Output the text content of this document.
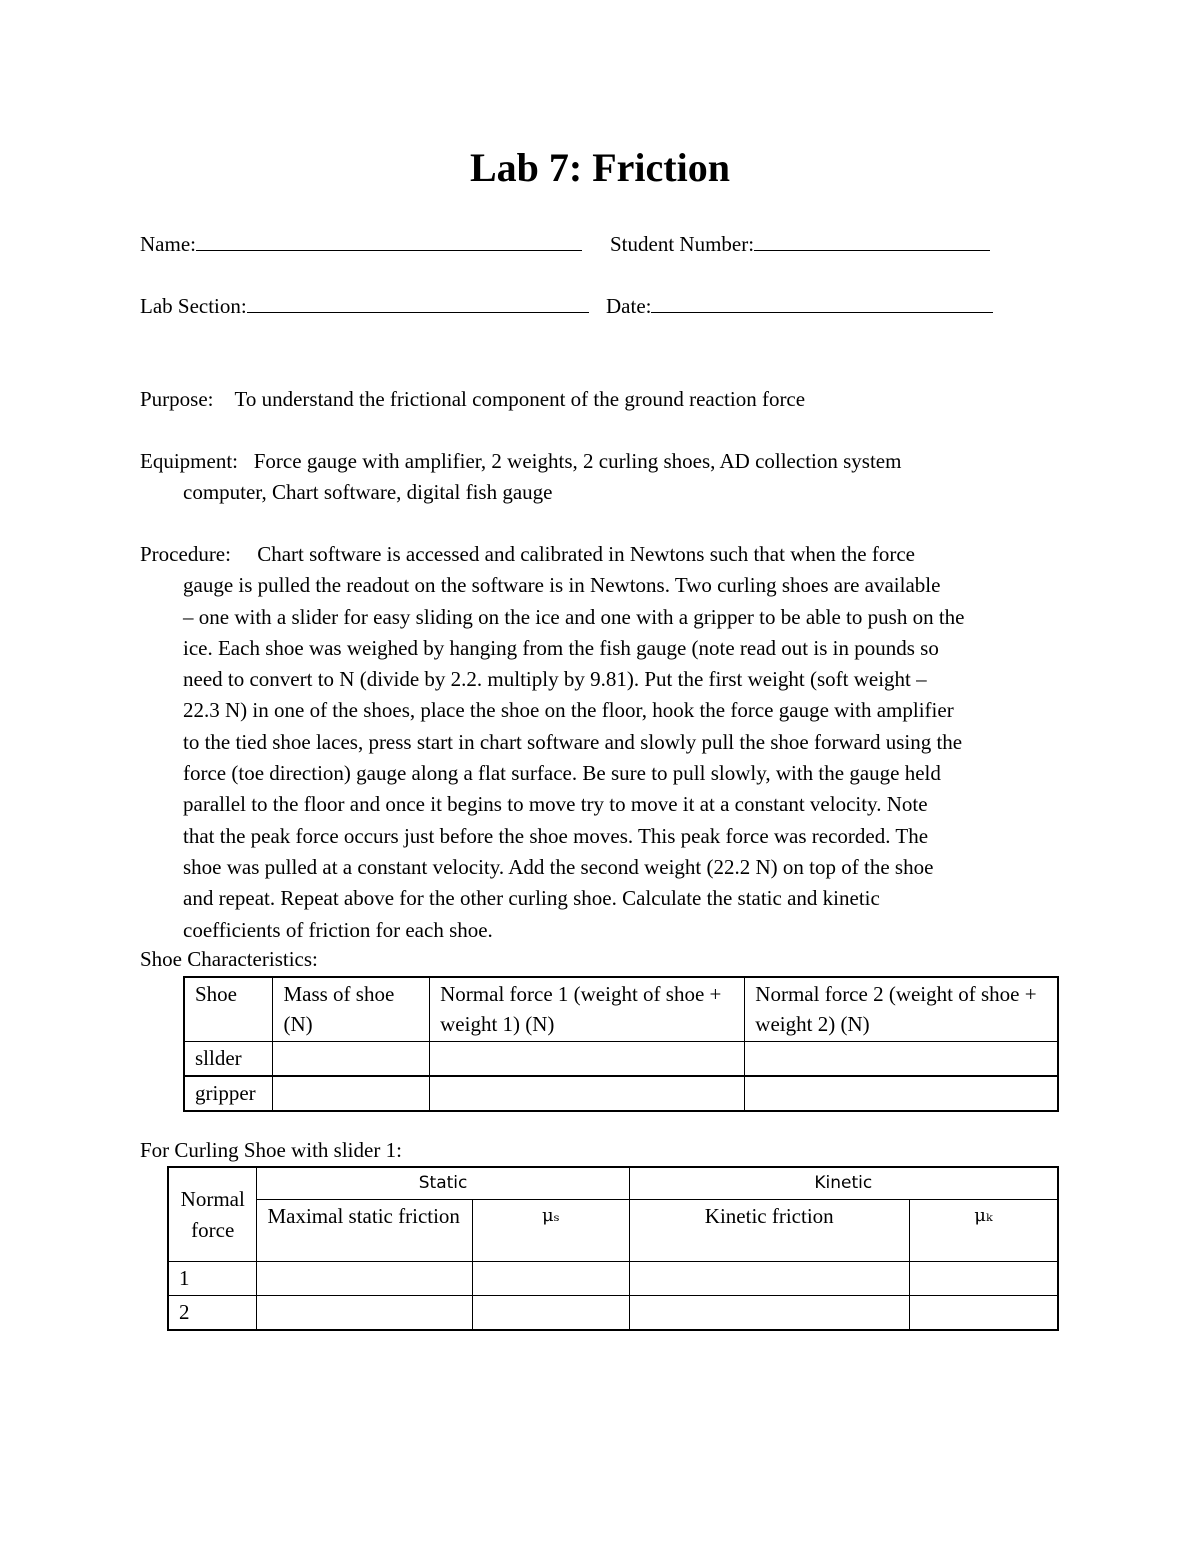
Lab 7: Friction
Name:	Student Number:
Lab Section:	Date:
Purpose: To understand the frictional component of the ground reaction force
Equipment: Force gauge with amplifier, 2 weights, 2 curling shoes, AD collection system
computer, Chart software, digital fish gauge
Procedure: Chart software is accessed and calibrated in Newtons such that when the force
gauge is pulled the readout on the software is in Newtons. Two curling shoes are available
– one with a slider for easy sliding on the ice and one with a gripper to be able to push on the
ice. Each shoe was weighed by hanging from the fish gauge (note read out is in pounds so
need to convert to N (divide by 2.2. multiply by 9.81). Put the first weight (soft weight –
22.3 N) in one of the shoes, place the shoe on the floor, hook the force gauge with amplifier
to the tied shoe laces, press start in chart software and slowly pull the shoe forward using the
force (toe direction) gauge along a flat surface. Be sure to pull slowly, with the gauge held
parallel to the floor and once it begins to move try to move it at a constant velocity. Note
that the peak force occurs just before the shoe moves. This peak force was recorded. The
shoe was pulled at a constant velocity. Add the second weight (22.2 N) on top of the shoe
and repeat. Repeat above for the other curling shoe. Calculate the static and kinetic
coefficients of friction for each shoe.
Shoe Characteristics:
Shoe	Mass of shoe (N)	Normal force 1 (weight of shoe + weight 1) (N)	Normal force 2 (weight of shoe + weight 2) (N)
sllder			
gripper			
For Curling Shoe with slider 1:
Normal force	Static		Kinetic	
	Maximal static friction	μₛ	Kinetic friction	μₖ
1				
2				
